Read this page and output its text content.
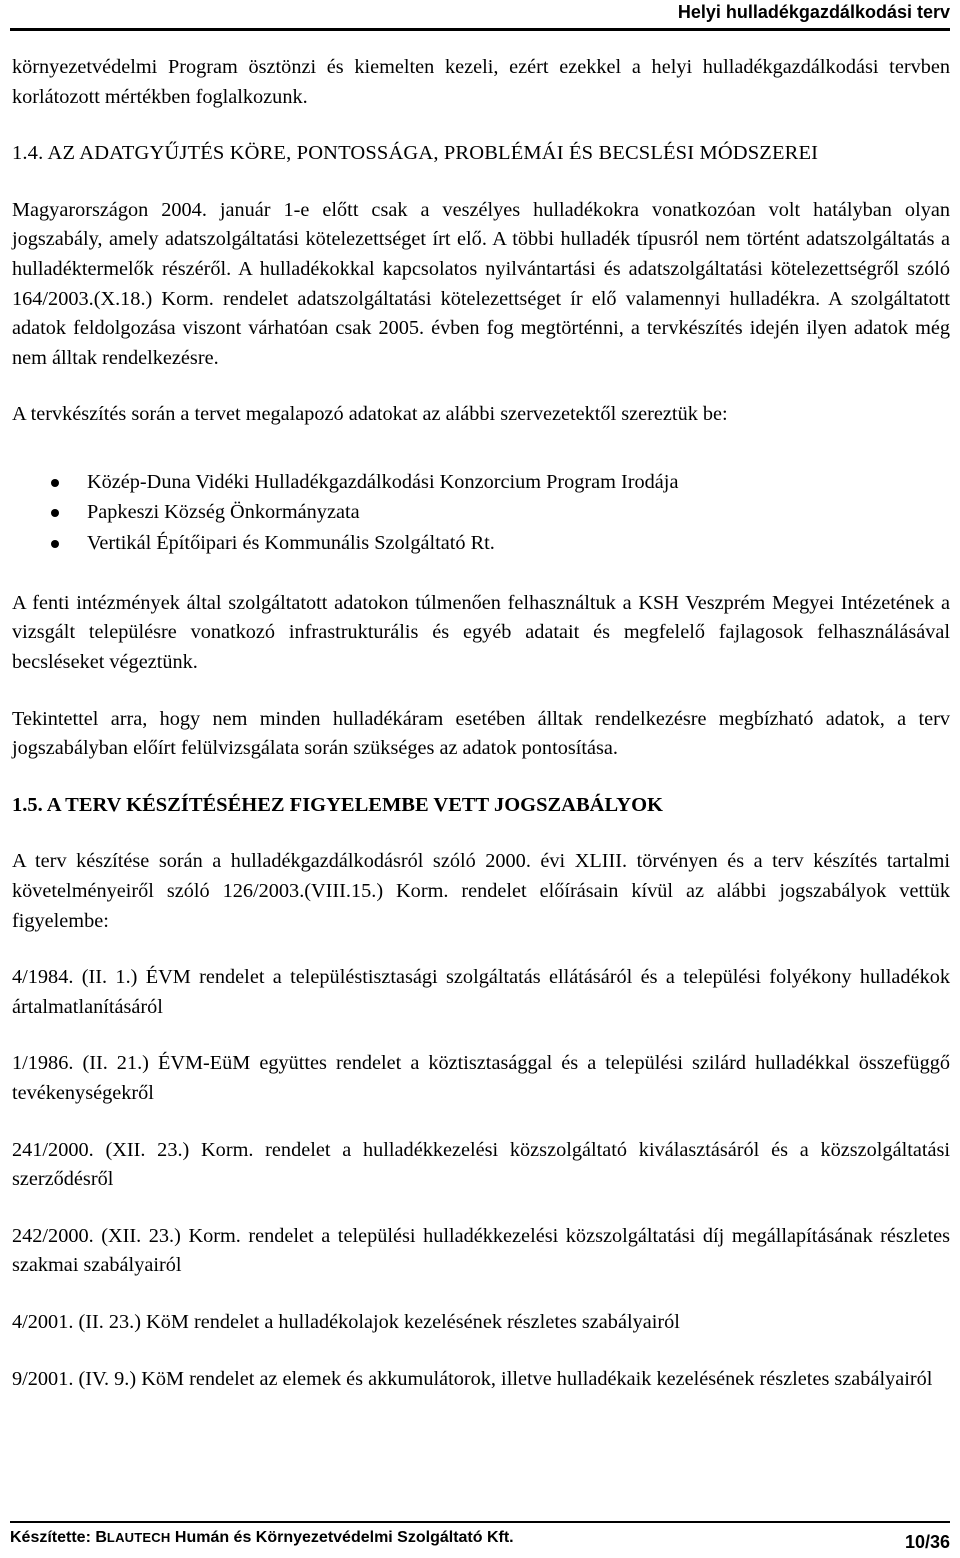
Helyi hulladékgazdálkodási terv

környezetvédelmi Program ösztönzi és kiemelten kezeli, ezért ezekkel a helyi hulladékgazdálkodási tervben korlátozott mértékben foglalkozunk.

1.4. AZ ADATGYŰJTÉS KÖRE, PONTOSSÁGA, PROBLÉMÁI ÉS BECSLÉSI MÓDSZEREI

Magyarországon 2004. január 1-e előtt csak a veszélyes hulladékokra vonatkozóan volt hatályban olyan jogszabály, amely adatszolgáltatási kötelezettséget írt elő. A többi hulladék típusról nem történt adatszolgáltatás a hulladéktermelők részéről. A hulladékokkal kapcsolatos nyilvántartási és adatszolgáltatási kötelezettségről szóló 164/2003.(X.18.) Korm. rendelet adatszolgáltatási kötelezettséget ír elő valamennyi hulladékra. A szolgáltatott adatok feldolgozása viszont várhatóan csak 2005. évben fog megtörténni, a tervkészítés idején ilyen adatok még nem álltak rendelkezésre.

A tervkészítés során a tervet megalapozó adatokat az alábbi szervezetektől szereztük be:

Közép-Duna Vidéki Hulladékgazdálkodási Konzorcium Program Irodája
Papkeszi Község Önkormányzata
Vertikál Építőipari és Kommunális Szolgáltató Rt.

A fenti intézmények által szolgáltatott adatokon túlmenően felhasználtuk a KSH Veszprém Megyei Intézetének a vizsgált településre vonatkozó infrastrukturális és egyéb adatait és megfelelő fajlagosok felhasználásával becsléseket végeztünk.

Tekintettel arra, hogy nem minden hulladékáram esetében álltak rendelkezésre megbízható adatok, a terv jogszabályban előírt felülvizsgálata során szükséges az adatok pontosítása.

1.5. A TERV KÉSZÍTÉSÉHEZ FIGYELEMBE VETT JOGSZABÁLYOK

A terv készítése során a hulladékgazdálkodásról szóló 2000. évi XLIII. törvényen és a terv készítés tartalmi követelményeiről szóló 126/2003.(VIII.15.) Korm. rendelet előírásain kívül az alábbi jogszabályok vettük figyelembe:

4/1984. (II. 1.) ÉVM rendelet a településtisztasági szolgáltatás ellátásáról és a települési folyékony hulladékok ártalmatlanításáról

1/1986. (II. 21.) ÉVM-EüM együttes rendelet a köztisztasággal és a települési szilárd hulladékkal összefüggő tevékenységekről

241/2000. (XII. 23.) Korm. rendelet a hulladékkezelési közszolgáltató kiválasztásáról és a közszolgáltatási szerződésről

242/2000. (XII. 23.) Korm. rendelet a települési hulladékkezelési közszolgáltatási díj megállapításának részletes szakmai szabályairól

4/2001. (II. 23.) KöM rendelet a hulladékolajok kezelésének részletes szabályairól

9/2001. (IV. 9.) KöM rendelet az elemek és akkumulátorok, illetve hulladékaik kezelésének részletes szabályairól

Készítette: BLAUTECH Humán és Környezetvédelmi Szolgáltató Kft.	10/36
